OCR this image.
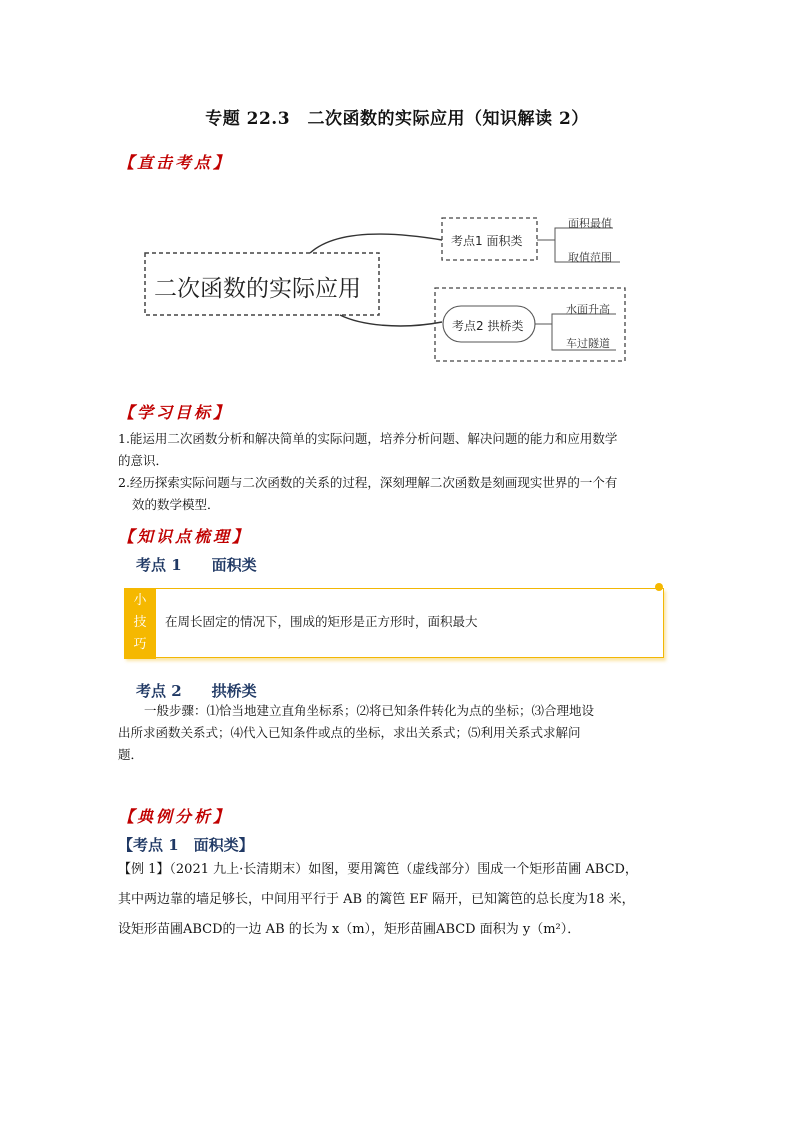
专题 22.3　二次函数的实际应用（知识解读 2）
【直击考点】
二次函数的实际应用
考点1 面积类
面积最值
取值范围
考点2 拱桥类
水面升高
车过隧道
【学习目标】
1.能运用二次函数分析和解决简单的实际问题，培养分析问题、解决问题的能力和应用数学
的意识．
2.经历探索实际问题与二次函数的关系的过程，深刻理解二次函数是刻画现实世界的一个有
效的数学模型．
【知识点梳理】
考点 1　　面积类
小
技
巧
在周长固定的情况下，围成的矩形是正方形时，面积最大
考点 2　　拱桥类
一般步骤：⑴恰当地建立直角坐标系；⑵将已知条件转化为点的坐标；⑶合理地设
出所求函数关系式；⑷代入已知条件或点的坐标，求出关系式；⑸利用关系式求解问
题．
【典例分析】
【考点 1　面积类】
【例 1】（2021 九上·长清期末）如图，要用篱笆（虚线部分）围成一个矩形苗圃 ABCD，
其中两边靠的墙足够长，中间用平行于 AB 的篱笆 EF 隔开，已知篱笆的总长度为18 米，
设矩形苗圃ABCD的一边 AB 的长为 x（m），矩形苗圃ABCD 面积为 y（m²）．
